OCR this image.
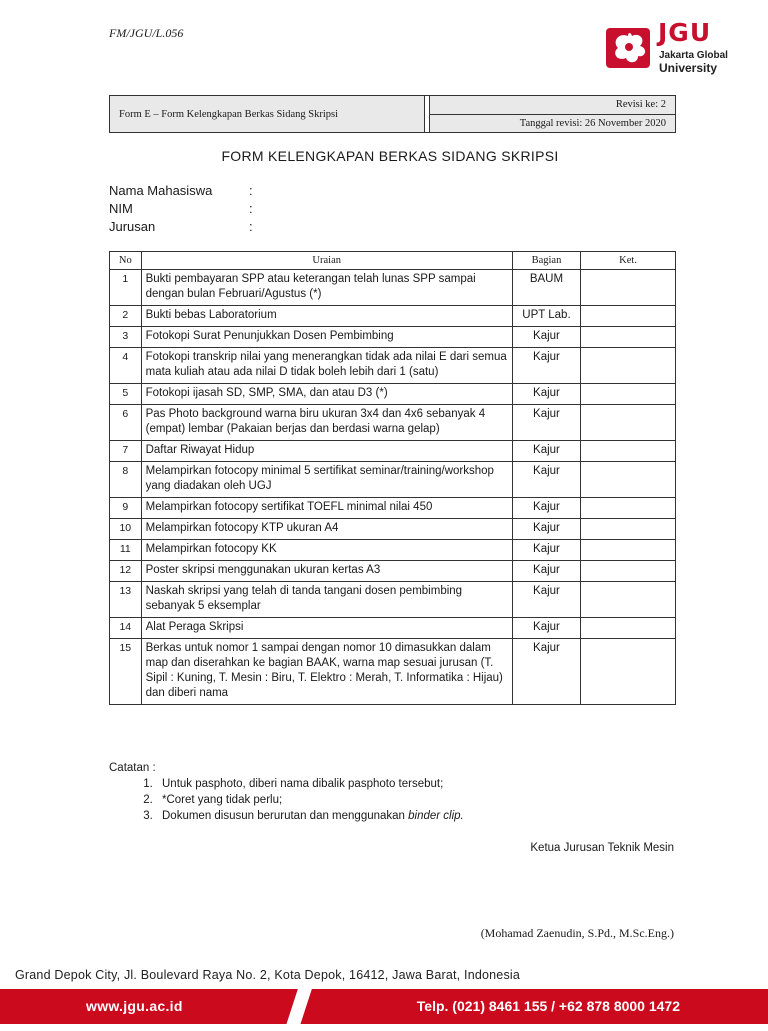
FM/JGU/L.056	JGU
Jakarta Global
University
Form E – Form Kelengkapan Berkas Sidang Skripsi
Revisi ke: 2
Tanggal revisi: 26 November 2020
FORM KELENGKAPAN BERKAS SIDANG SKRIPSI
Nama Mahasiswa	:
NIM	:
Jurusan	:
No	Uraian	Bagian	Ket.
1	Bukti pembayaran SPP atau keterangan telah lunas SPP sampai dengan bulan Februari/Agustus (*)	BAUM	
2	Bukti bebas Laboratorium	UPT Lab.	
3	Fotokopi Surat Penunjukkan Dosen Pembimbing	Kajur	
4	Fotokopi transkrip nilai yang menerangkan tidak ada nilai E dari semua mata kuliah atau ada nilai D tidak boleh lebih dari 1 (satu)	Kajur	
5	Fotokopi ijasah SD, SMP, SMA, dan atau D3 (*)	Kajur	
6	Pas Photo background warna biru ukuran 3x4 dan 4x6 sebanyak 4 (empat) lembar (Pakaian berjas dan berdasi warna gelap)	Kajur	
7	Daftar Riwayat Hidup	Kajur	
8	Melampirkan fotocopy minimal 5 sertifikat seminar/training/workshop yang diadakan oleh UGJ	Kajur	
9	Melampirkan fotocopy sertifikat TOEFL minimal nilai 450	Kajur	
10	Melampirkan fotocopy KTP ukuran A4	Kajur	
11	Melampirkan fotocopy KK	Kajur	
12	Poster skripsi menggunakan ukuran kertas A3	Kajur	
13	Naskah skripsi yang telah di tanda tangani dosen pembimbing sebanyak 5 eksemplar	Kajur	
14	Alat Peraga Skripsi	Kajur	
15	Berkas untuk nomor 1 sampai dengan nomor 10 dimasukkan dalam map dan diserahkan ke bagian BAAK, warna map sesuai jurusan (T. Sipil : Kuning, T. Mesin : Biru, T. Elektro : Merah, T. Informatika : Hijau) dan diberi nama	Kajur	
Catatan :
1. Untuk pasphoto, diberi nama dibalik pasphoto tersebut;
2. *Coret yang tidak perlu;
3. Dokumen disusun berurutan dan menggunakan binder clip.
Ketua Jurusan Teknik Mesin
(Mohamad Zaenudin, S.Pd., M.Sc.Eng.)
Grand Depok City, Jl. Boulevard Raya No. 2, Kota Depok, 16412, Jawa Barat, Indonesia
www.jgu.ac.id	Telp. (021) 8461 155 / +62 878 8000 1472
